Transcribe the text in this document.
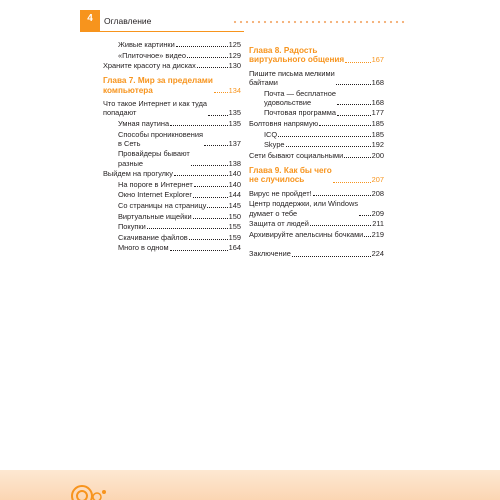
4	Оглавление
Живые картинки	125
«Плиточное» видео	129
Храните красоту на дисках	130
Глава 7. Мир за пределами
компьютера	134
Что такое Интернет и как туда
попадают	135
Умная паутина	135
Способы проникновения
в Сеть	137
Провайдеры бывают
разные	138
Выйдем на прогулку	140
На пороге в Интернет	140
Окно Internet Explorer	144
Со страницы на страницу	145
Виртуальные ищейки	150
Покупки	155
Скачивание файлов	159
Много в одном	164
Глава 8. Радость
виртуального общения	167
Пишите письма мелкими
байтами	168
Почта — бесплатное
удовольствие	168
Почтовая программа	177
Болтовня напрямую	185
ICQ	185
Skype	192
Сети бывают социальными	200
Глава 9. Как бы чего
не случилось	207
Вирус не пройдет!	208
Центр поддержки, или Windows
думает о тебе	209
Защита от людей	211
Архивируйте апельсины бочками 219
Заключение	224
